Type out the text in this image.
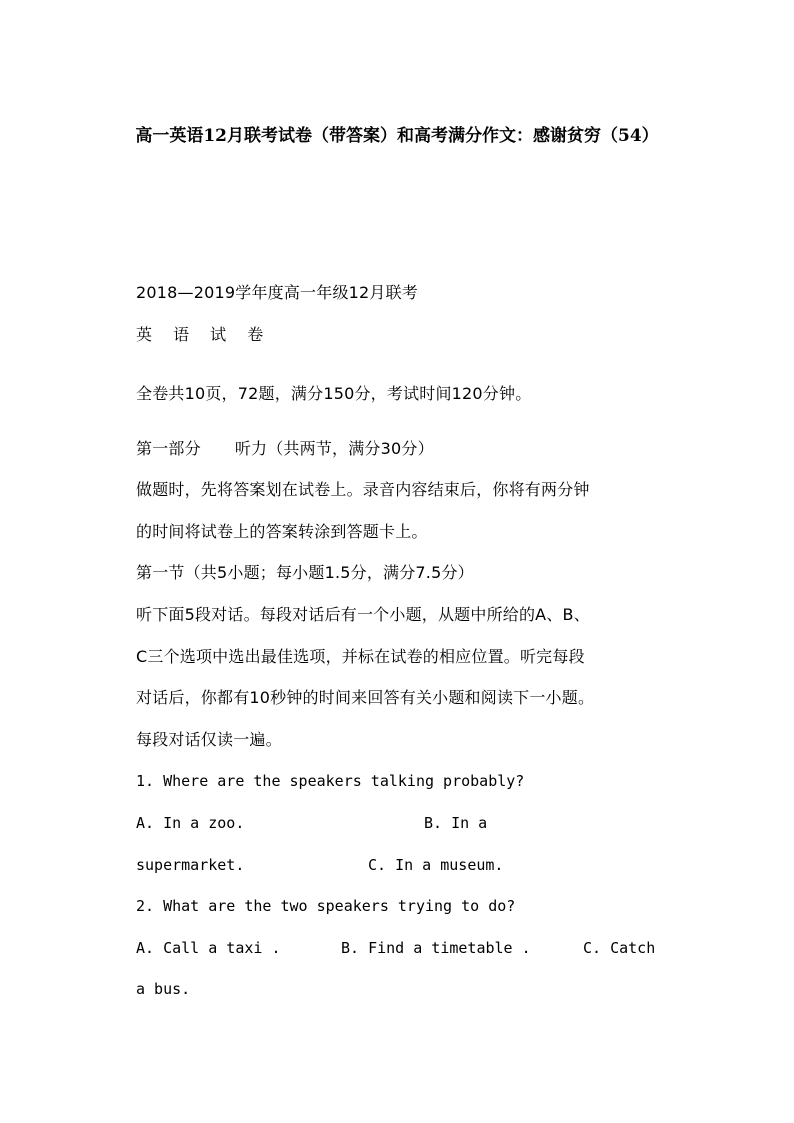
高一英语12月联考试卷（带答案）和高考满分作文：感谢贫穷（54）
2018—2019学年度高一年级12月联考
英 语 试 卷
全卷共10页，72题，满分150分，考试时间120分钟。
第一部分 听力（共两节，满分30分）
做题时，先将答案划在试卷上。录音内容结束后，你将有两分钟
的时间将试卷上的答案转涂到答题卡上。
第一节（共5小题；每小题1.5分，满分7.5分）
听下面5段对话。每段对话后有一个小题，从题中所给的A、B、
C三个选项中选出最佳选项，并标在试卷的相应位置。听完每段
对话后，你都有10秒钟的时间来回答有关小题和阅读下一小题。
每段对话仅读一遍。
1. Where are the speakers talking probably?
A. In a zoo.	B. In a
supermarket.	C. In a museum.
2. What are the two speakers trying to do?
A. Call a taxi .	B. Find a timetable .	C. Catch
a bus.
